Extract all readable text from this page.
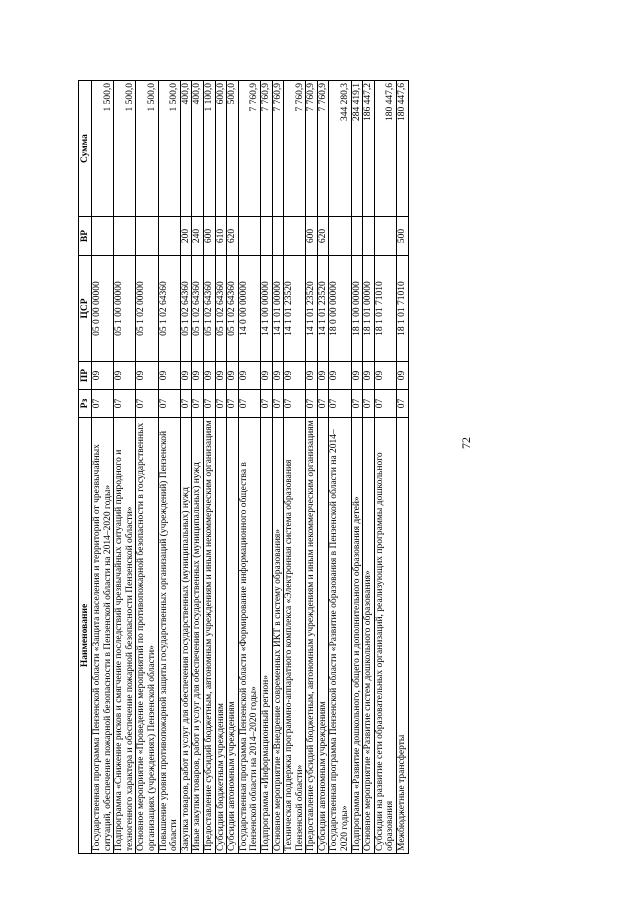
72
Наименование	Рз	ПР	ЦСР	ВР	Сумма
Государственная программа Пензенской области «Защита населения и территорий от чрезвычайных ситуаций, обеспечение пожарной безопасности в Пензенской области на 2014–2020 годы»	07	09	05 0 00 00000		1 500,0
Подпрограмма «Снижение рисков и смягчение последствий чрезвычайных ситуаций природного и техногенного характера и обеспечение пожарной безопасности Пензенской области»	07	09	05 1 00 00000		1 500,0
Основное мероприятие «Проведение мероприятий по противопожарной безопасности в государственных организациях (учреждениях) Пензенской области»	07	09	05 1 02 00000		1 500,0
Повышение уровня противопожарной защиты государственных организаций (учреждений) Пензенской области	07	09	05 1 02 64360		1 500,0
Закупка товаров, работ и услуг для обеспечения государственных (муниципальных) нужд	07	09	05 1 02 64360	200	400,0
Иные закупки товаров, работ и услуг для обеспечения государственных (муниципальных) нужд	07	09	05 1 02 64360	240	400,0
Предоставление субсидий бюджетным, автономным учреждениям и иным некоммерческим организациям	07	09	05 1 02 64360	600	1 100,0
Субсидии бюджетным учреждениям	07	09	05 1 02 64360	610	600,0
Субсидии автономным учреждениям	07	09	05 1 02 64360	620	500,0
Государственная программа Пензенской области «Формирование информационного общества в Пензенской области на 2014–2020 годы»	07	09	14 0 00 00000		7 760,9
Подпрограмма «Информационный регион»	07	09	14 1 00 00000		7 760,9
Основное мероприятие «Внедрение современных ИКТ в систему образования»	07	09	14 1 01 00000		7 760,9
Техническая поддержка программно-аппаратного комплекса «Электронная система образования Пензенской области»	07	09	14 1 01 23520		7 760,9
Предоставление субсидий бюджетным, автономным учреждениям и иным некоммерческим организациям	07	09	14 1 01 23520	600	7 760,9
Субсидии автономным учреждениям	07	09	14 1 01 23520	620	7 760,9
Государственная программа Пензенской области «Развитие образования в Пензенской области на 2014–2020 годы»	07	09	18 0 00 00000		344 280,3
Подпрограмма «Развитие дошкольного, общего и дополнительного образования детей»	07	09	18 1 00 00000		284 419,1
Основное мероприятие «Развитие систем дошкольного образования»	07	09	18 1 01 00000		186 447,2
Субсидии на развитие сети образовательных организаций, реализующих программы дошкольного образования	07	09	18 1 01 71010		180 447,6
Межбюджетные трансферты	07	09	18 1 01 71010	500	180 447,6
